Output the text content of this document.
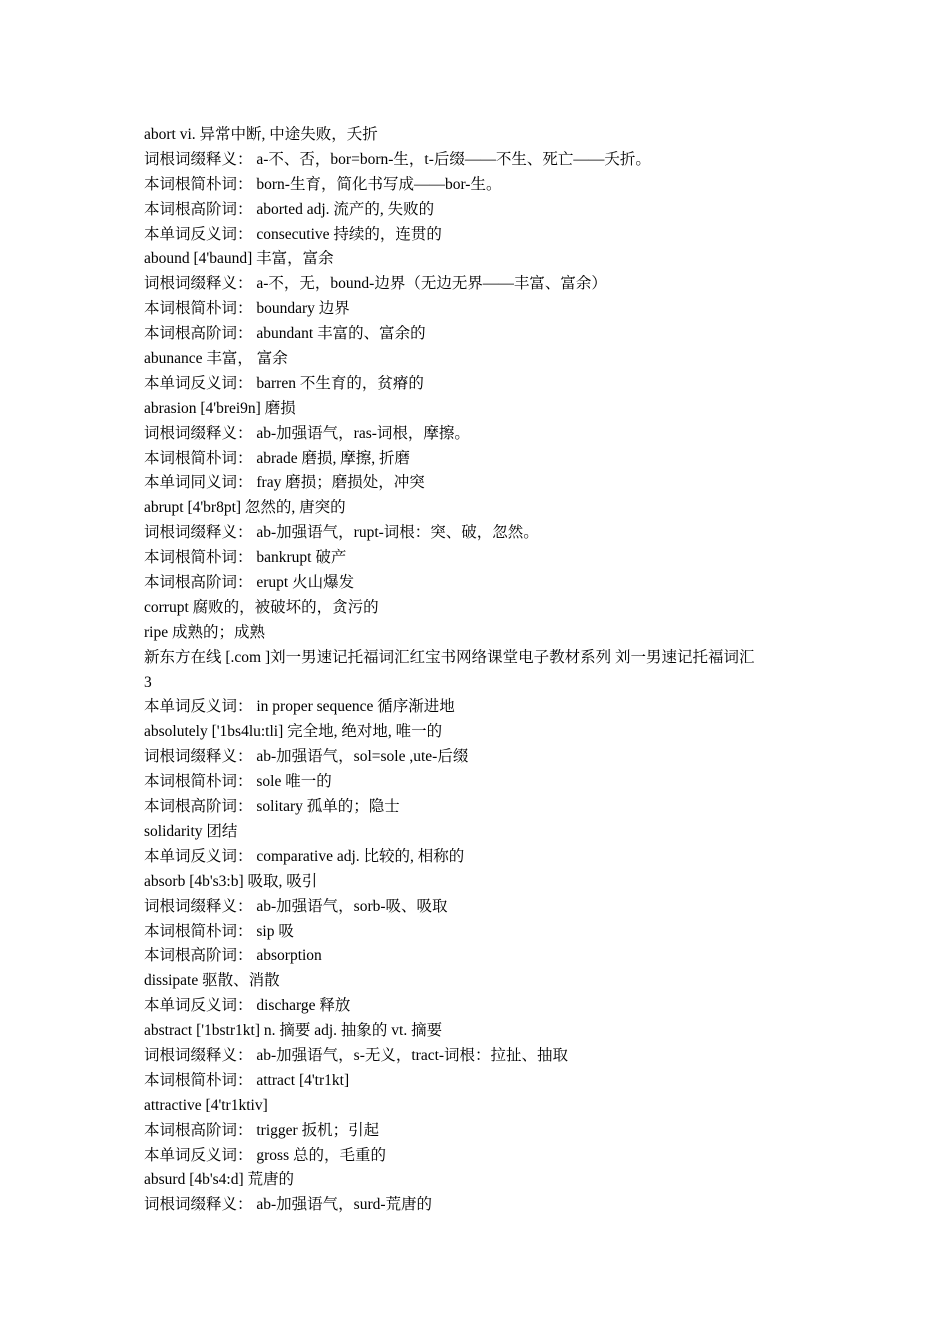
abort vi. 异常中断, 中途失败，夭折
词根词缀释义： a-不、否，bor=born-生，t-后缀——不生、死亡——夭折。
本词根简朴词： born-生育，简化书写成——bor-生。
本词根高阶词： aborted adj. 流产的, 失败的
本单词反义词： consecutive 持续的，连贯的
abound [4'baund] 丰富，富余
词根词缀释义： a-不，无，bound-边界（无边无界——丰富、富余）
本词根简朴词： boundary 边界
本词根高阶词： abundant 丰富的、富余的
abunance 丰富， 富余
本单词反义词： barren 不生育的，贫瘠的
abrasion [4'brei9n] 磨损
词根词缀释义： ab-加强语气，ras-词根，摩擦。
本词根简朴词： abrade 磨损, 摩擦, 折磨
本单词同义词： fray 磨损；磨损处，冲突
abrupt [4'br8pt] 忽然的, 唐突的
词根词缀释义： ab-加强语气，rupt-词根：突、破，忽然。
本词根简朴词： bankrupt 破产
本词根高阶词： erupt 火山爆发
corrupt 腐败的，被破坏的，贪污的
ripe 成熟的；成熟
新东方在线 [.com ]刘一男速记托福词汇红宝书网络课堂电子教材系列 刘一男速记托福词汇
3
本单词反义词： in proper sequence 循序渐进地
absolutely ['1bs4lu:tli] 完全地, 绝对地, 唯一的
词根词缀释义： ab-加强语气，sol=sole ,ute-后缀
本词根简朴词： sole 唯一的
本词根高阶词： solitary 孤单的；隐士
solidarity 团结
本单词反义词： comparative adj. 比较的, 相称的
absorb [4b's3:b] 吸取, 吸引
词根词缀释义： ab-加强语气，sorb-吸、吸取
本词根简朴词： sip 吸
本词根高阶词： absorption
dissipate 驱散、消散
本单词反义词： discharge 释放
abstract ['1bstr1kt] n. 摘要 adj. 抽象的 vt. 摘要
词根词缀释义： ab-加强语气，s-无义，tract-词根：拉扯、抽取
本词根简朴词： attract [4'tr1kt]
attractive [4'tr1ktiv]
本词根高阶词： trigger 扳机；引起
本单词反义词： gross 总的，毛重的
absurd [4b's4:d] 荒唐的
词根词缀释义： ab-加强语气，surd-荒唐的
